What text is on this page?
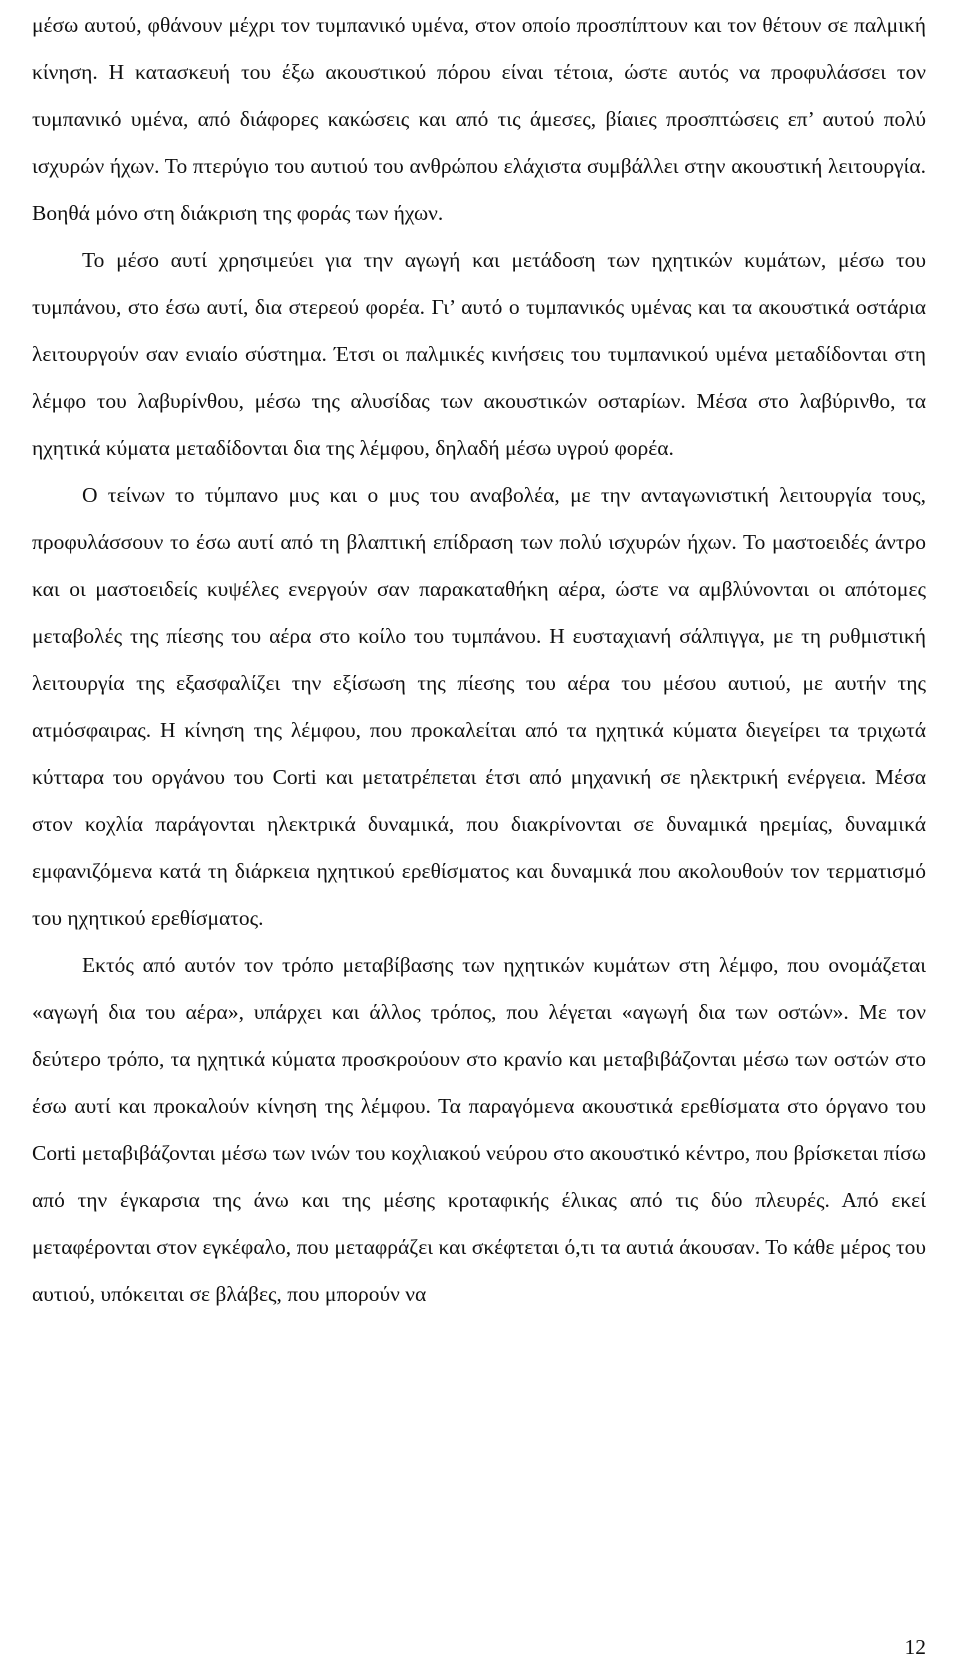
μέσω αυτού, φθάνουν μέχρι τον τυμπανικό υμένα, στον οποίο προσπίπτουν και τον θέτουν σε παλμική κίνηση. Η κατασκευή του έξω ακουστικού πόρου είναι τέτοια, ώστε αυτός να προφυλάσσει τον τυμπανικό υμένα, από διάφορες κακώσεις και από τις άμεσες, βίαιες προσπτώσεις επ’ αυτού πολύ ισχυρών ήχων. Το πτερύγιο του αυτιού του ανθρώπου ελάχιστα συμβάλλει στην ακουστική λειτουργία. Βοηθά μόνο στη διάκριση της φοράς των ήχων.

Το μέσο αυτί χρησιμεύει για την αγωγή και μετάδοση των ηχητικών κυμάτων, μέσω του τυμπάνου, στο έσω αυτί, δια στερεού φορέα. Γι’ αυτό ο τυμπανικός υμένας και τα ακουστικά οστάρια λειτουργούν σαν ενιαίο σύστημα. Έτσι οι παλμικές κινήσεις του τυμπανικού υμένα μεταδίδονται στη λέμφο του λαβυρίνθου, μέσω της αλυσίδας των ακουστικών οσταρίων. Μέσα στο λαβύρινθο, τα ηχητικά κύματα μεταδίδονται δια της λέμφου, δηλαδή μέσω υγρού φορέα.

Ο τείνων το τύμπανο μυς και ο μυς του αναβολέα, με την ανταγωνιστική λειτουργία τους, προφυλάσσουν το έσω αυτί από τη βλαπτική επίδραση των πολύ ισχυρών ήχων. Το μαστοειδές άντρο και οι μαστοειδείς κυψέλες ενεργούν σαν παρακαταθήκη αέρα, ώστε να αμβλύνονται οι απότομες μεταβολές της πίεσης του αέρα στο κοίλο του τυμπάνου. Η ευσταχιανή σάλπιγγα, με τη ρυθμιστική λειτουργία της εξασφαλίζει την εξίσωση της πίεσης του αέρα του μέσου αυτιού, με αυτήν της ατμόσφαιρας. Η κίνηση της λέμφου, που προκαλείται από τα ηχητικά κύματα διεγείρει τα τριχωτά κύτταρα του οργάνου του Corti και μετατρέπεται έτσι από μηχανική σε ηλεκτρική ενέργεια. Μέσα στον κοχλία παράγονται ηλεκτρικά δυναμικά, που διακρίνονται σε δυναμικά ηρεμίας, δυναμικά εμφανιζόμενα κατά τη διάρκεια ηχητικού ερεθίσματος και δυναμικά που ακολουθούν τον τερματισμό του ηχητικού ερεθίσματος.

Εκτός από αυτόν τον τρόπο μεταβίβασης των ηχητικών κυμάτων στη λέμφο, που ονομάζεται «αγωγή δια του αέρα», υπάρχει και άλλος τρόπος, που λέγεται «αγωγή δια των οστών». Με τον δεύτερο τρόπο, τα ηχητικά κύματα προσκρούουν στο κρανίο και μεταβιβάζονται μέσω των οστών στο έσω αυτί και προκαλούν κίνηση της λέμφου. Τα παραγόμενα ακουστικά ερεθίσματα στο όργανο του Corti μεταβιβάζονται μέσω των ινών του κοχλιακού νεύρου στο ακουστικό κέντρο, που βρίσκεται πίσω από την έγκαρσια της άνω και της μέσης κροταφικής έλικας από τις δύο πλευρές. Από εκεί μεταφέρονται στον εγκέφαλο, που μεταφράζει και σκέφτεται ό,τι τα αυτιά άκουσαν. Το κάθε μέρος του αυτιού, υπόκειται σε βλάβες, που μπορούν να

12
